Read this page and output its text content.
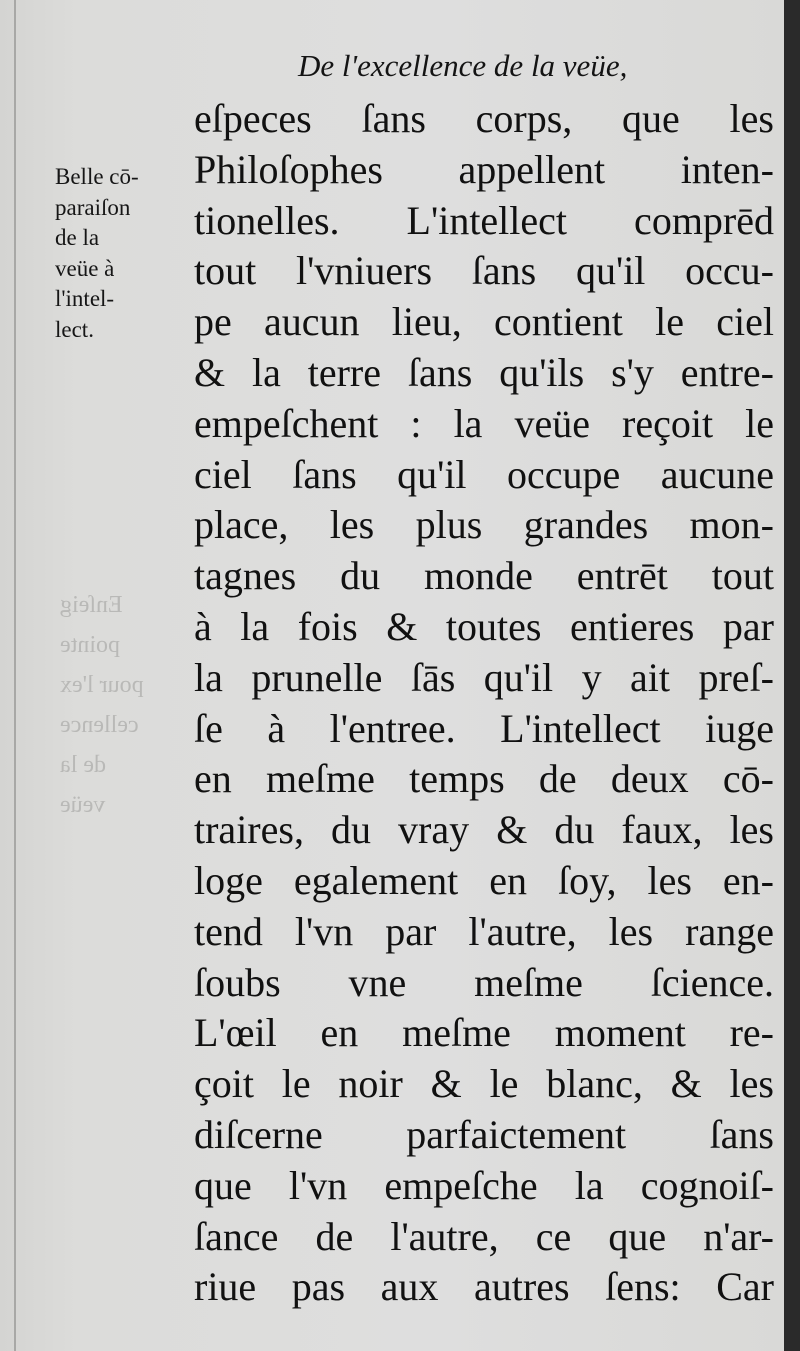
Enſeig
pointe
pour l'ex
cellence
de la
veüe
De l'excellence de la veüe,
Belle cō-
paraiſon
de la
veüe à
l'intel-
lect.
eſpeces ſans corps, que les
Philoſophes appellent inten-
tionelles. L'intellect comprēd
tout l'vniuers ſans qu'il occu-
pe aucun lieu, contient le ciel
& la terre ſans qu'ils s'y entre-
empeſchent : la veüe reçoit le
ciel ſans qu'il occupe aucune
place, les plus grandes mon-
tagnes du monde entrēt tout
à la fois & toutes entieres par
la prunelle ſās qu'il y ait preſ-
ſe à l'entree. L'intellect iuge
en meſme temps de deux cō-
traires, du vray & du faux, les
loge egalement en ſoy, les en-
tend l'vn par l'autre, les range
ſoubs vne meſme ſcience.
L'œil en meſme moment re-
çoit le noir & le blanc, & les
diſcerne parfaictement ſans
que l'vn empeſche la cognoiſ-
ſance de l'autre, ce que n'ar-
riue pas aux autres ſens: Car
